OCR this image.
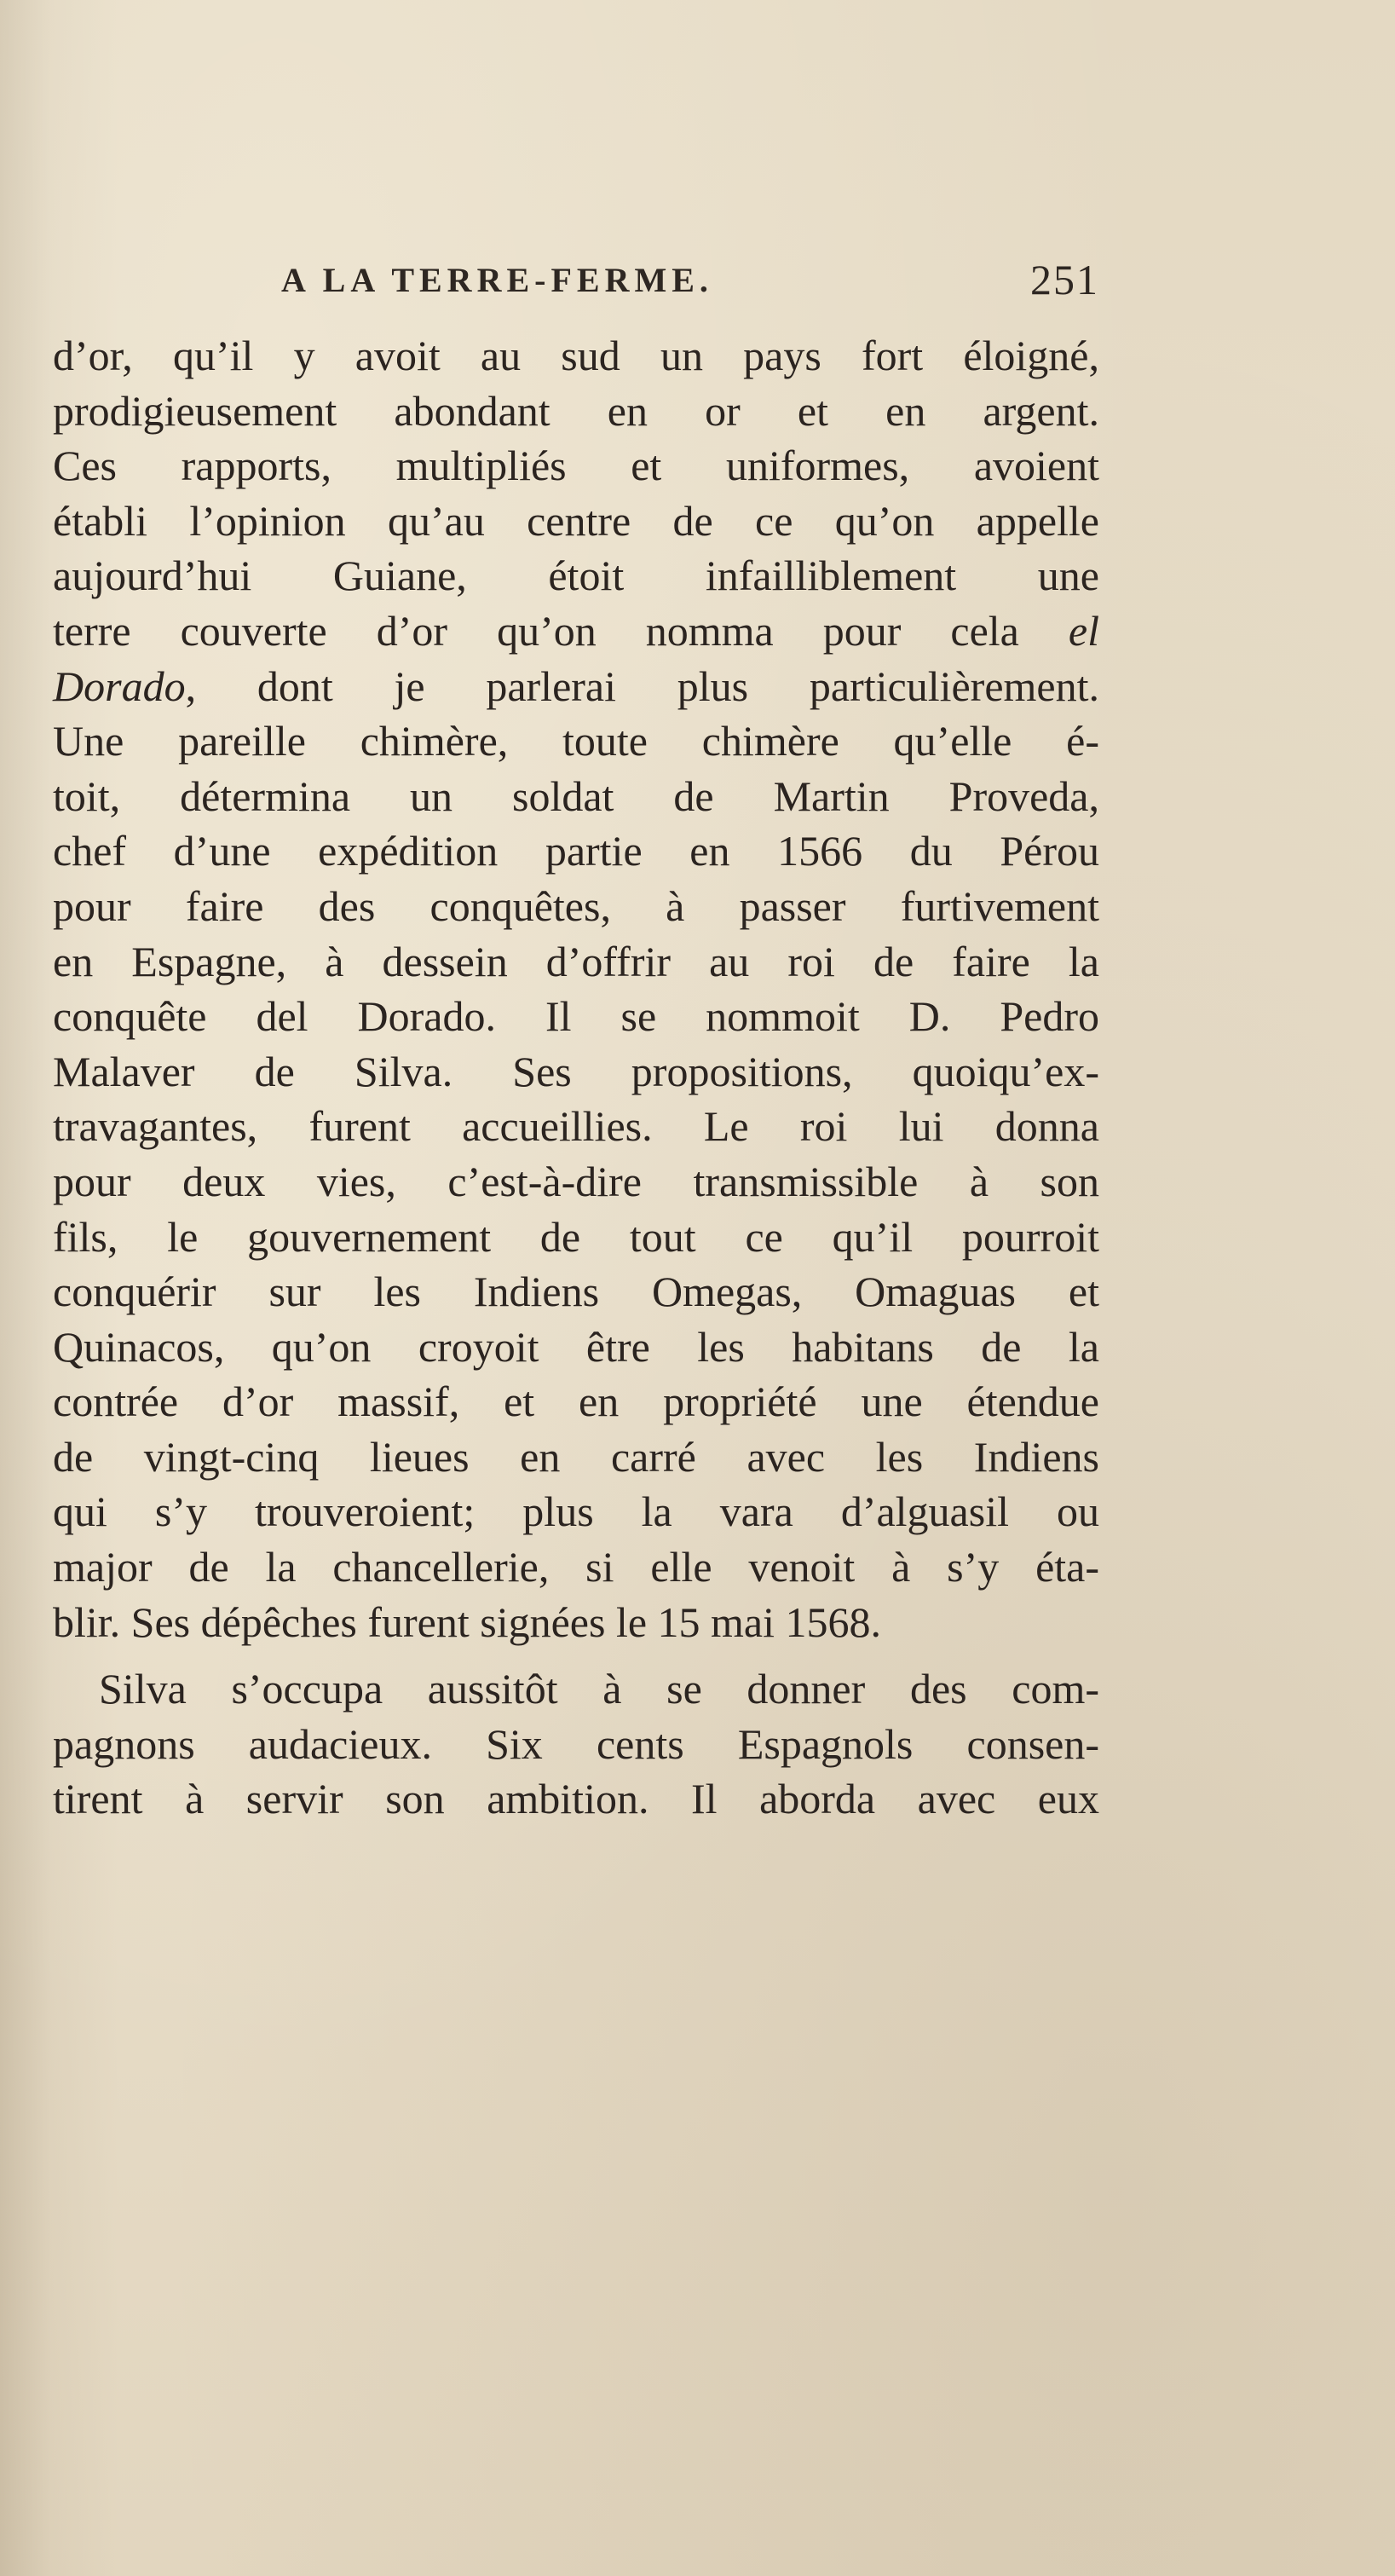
A LA TERRE-FERME.	251
d’or, qu’il y avoit au sud un pays fort éloigné,
prodigieusement abondant en or et en argent.
Ces rapports, multipliés et uniformes, avoient
établi l’opinion qu’au centre de ce qu’on appelle
aujourd’hui Guiane, étoit infailliblement une
terre couverte d’or qu’on nomma pour cela el
Dorado, dont je parlerai plus particulièrement.
Une pareille chimère, toute chimère qu’elle é-
toit, détermina un soldat de Martin Proveda,
chef d’une expédition partie en 1566 du Pérou
pour faire des conquêtes, à passer furtivement
en Espagne, à dessein d’offrir au roi de faire la
conquête del Dorado. Il se nommoit D. Pedro
Malaver de Silva. Ses propositions, quoiqu’ex-
travagantes, furent accueillies. Le roi lui donna
pour deux vies, c’est-à-dire transmissible à son
fils, le gouvernement de tout ce qu’il pourroit
conquérir sur les Indiens Omegas, Omaguas et
Quinacos, qu’on croyoit être les habitans de la
contrée d’or massif, et en propriété une étendue
de vingt-cinq lieues en carré avec les Indiens
qui s’y trouveroient; plus la vara d’alguasil ou
major de la chancellerie, si elle venoit à s’y éta-
blir. Ses dépêches furent signées le 15 mai 1568.
Silva s’occupa aussitôt à se donner des com-
pagnons audacieux. Six cents Espagnols consen-
tirent à servir son ambition. Il aborda avec eux
